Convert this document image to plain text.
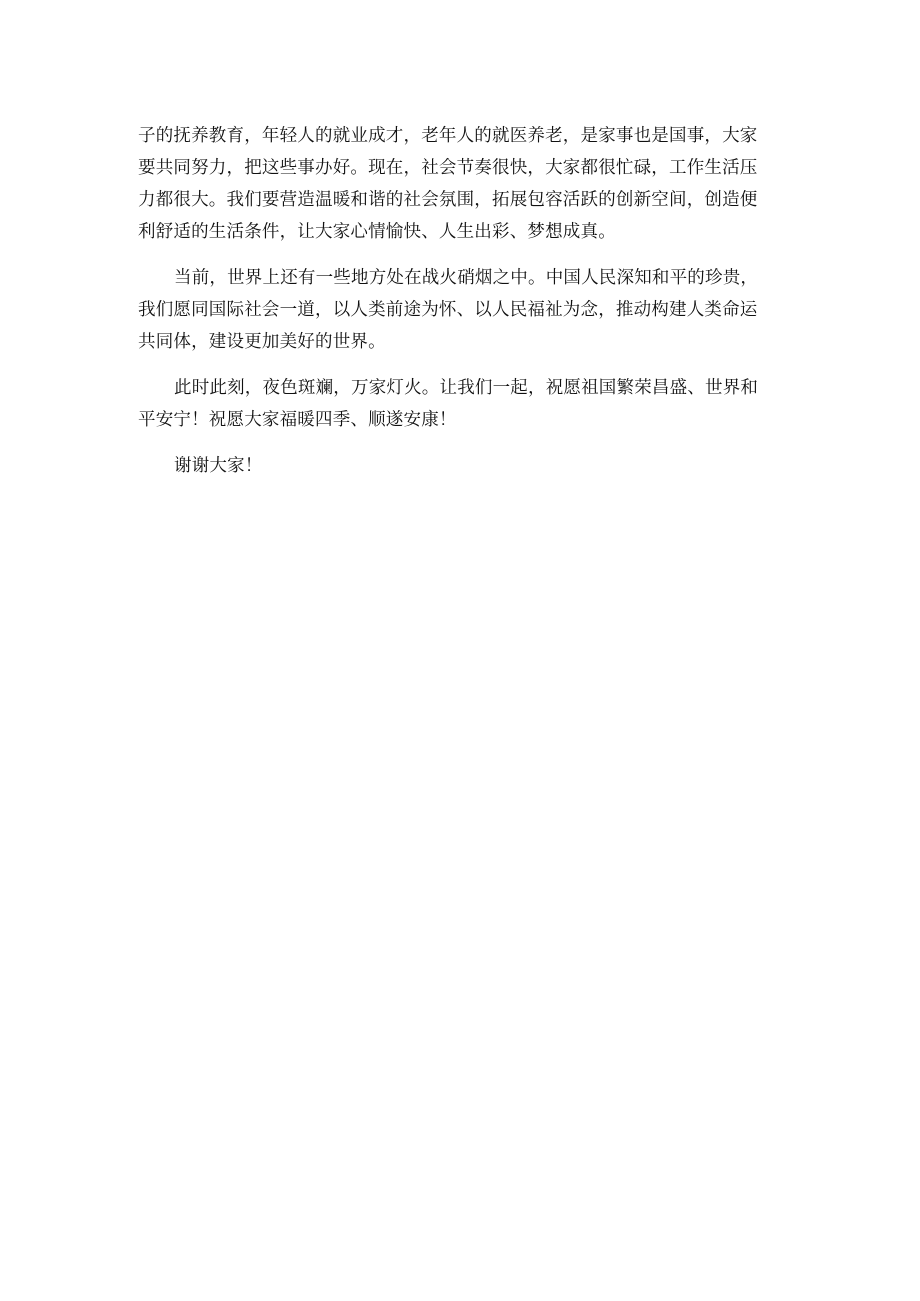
子的抚养教育，年轻人的就业成才，老年人的就医养老，是家事也是国事，大家
要共同努力，把这些事办好。现在，社会节奏很快，大家都很忙碌，工作生活压
力都很大。我们要营造温暖和谐的社会氛围，拓展包容活跃的创新空间，创造便
利舒适的生活条件，让大家心情愉快、人生出彩、梦想成真。
当前，世界上还有一些地方处在战火硝烟之中。中国人民深知和平的珍贵，
我们愿同国际社会一道，以人类前途为怀、以人民福祉为念，推动构建人类命运
共同体，建设更加美好的世界。
此时此刻，夜色斑斓，万家灯火。让我们一起，祝愿祖国繁荣昌盛、世界和
平安宁！祝愿大家福暖四季、顺遂安康！
谢谢大家！
